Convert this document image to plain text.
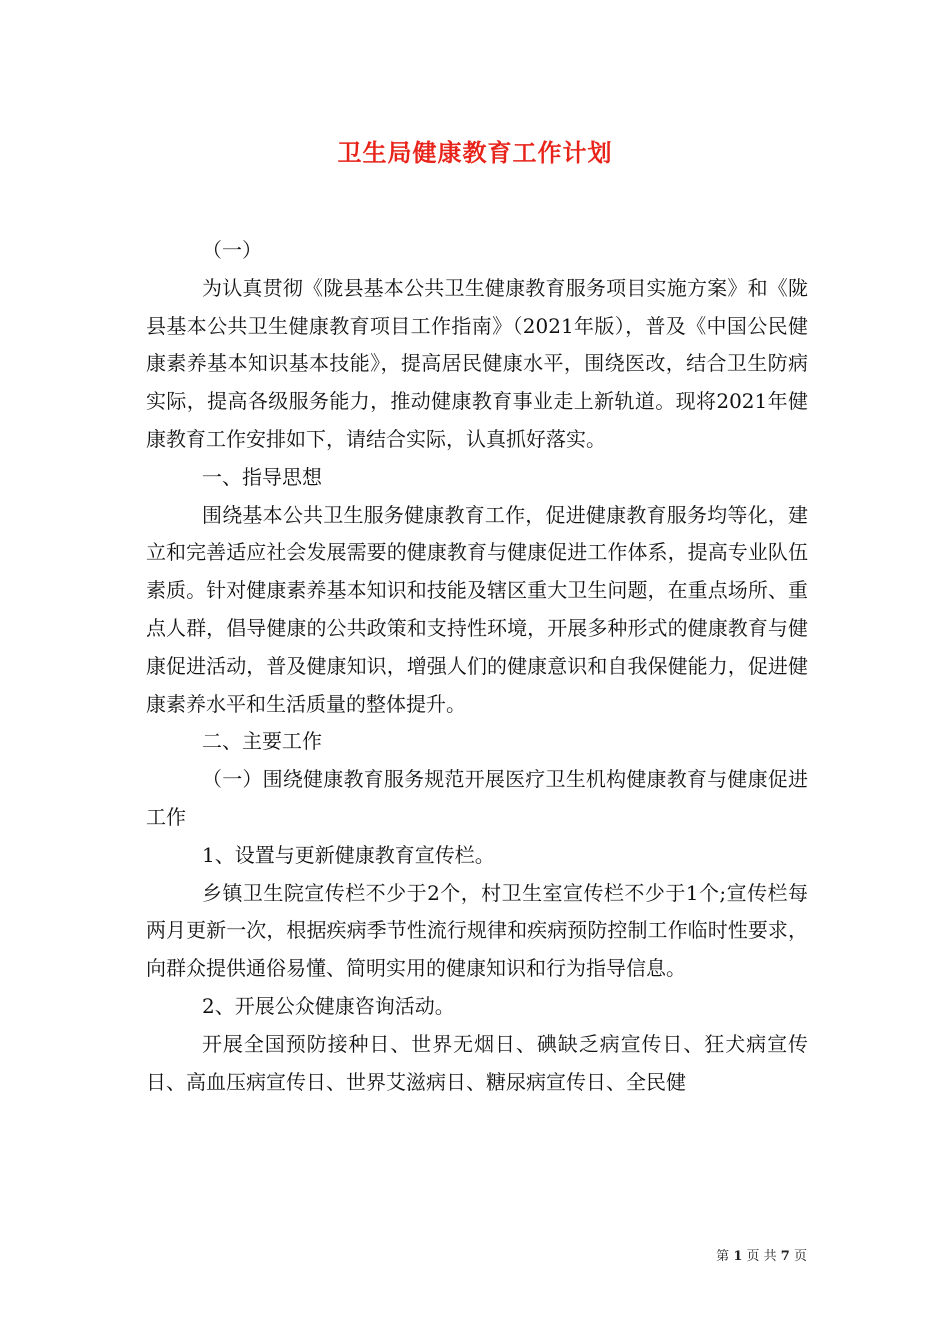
卫生局健康教育工作计划

（一）

为认真贯彻《陇县基本公共卫生健康教育服务项目实施方案》和《陇县基本公共卫生健康教育项目工作指南》（2021年版），普及《中国公民健康素养基本知识基本技能》，提高居民健康水平，围绕医改，结合卫生防病实际，提高各级服务能力，推动健康教育事业走上新轨道。现将2021年健康教育工作安排如下，请结合实际，认真抓好落实。

一、指导思想

围绕基本公共卫生服务健康教育工作，促进健康教育服务均等化，建立和完善适应社会发展需要的健康教育与健康促进工作体系，提高专业队伍素质。针对健康素养基本知识和技能及辖区重大卫生问题，在重点场所、重点人群，倡导健康的公共政策和支持性环境，开展多种形式的健康教育与健康促进活动，普及健康知识，增强人们的健康意识和自我保健能力，促进健康素养水平和生活质量的整体提升。

二、主要工作

（一）围绕健康教育服务规范开展医疗卫生机构健康教育与健康促进工作

1、设置与更新健康教育宣传栏。

乡镇卫生院宣传栏不少于2个，村卫生室宣传栏不少于1个;宣传栏每两月更新一次，根据疾病季节性流行规律和疾病预防控制工作临时性要求，向群众提供通俗易懂、简明实用的健康知识和行为指导信息。

2、开展公众健康咨询活动。

开展全国预防接种日、世界无烟日、碘缺乏病宣传日、狂犬病宣传日、高血压病宣传日、世界艾滋病日、糖尿病宣传日、全民健

第 1 页 共 7 页
